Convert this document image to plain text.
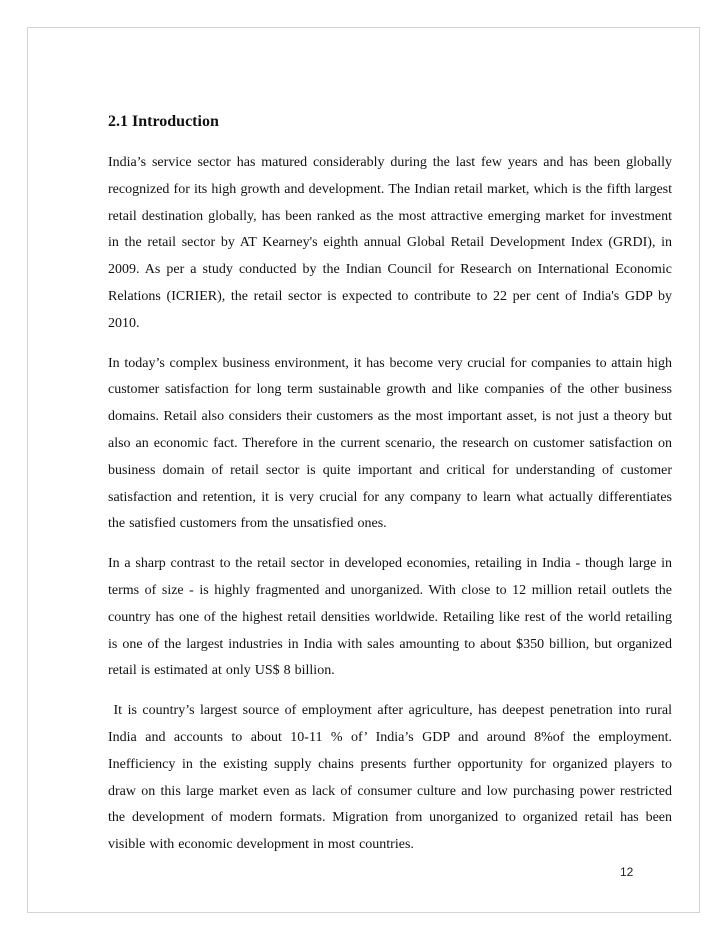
2.1 Introduction

India’s service sector has matured considerably during the last few years and has been globally recognized for its high growth and development. The Indian retail market, which is the fifth largest retail destination globally, has been ranked as the most attractive emerging market for investment in the retail sector by AT Kearney's eighth annual Global Retail Development Index (GRDI), in 2009. As per a study conducted by the Indian Council for Research on International Economic Relations (ICRIER), the retail sector is expected to contribute to 22 per cent of India's GDP by 2010.

In today’s complex business environment, it has become very crucial for companies to attain high customer satisfaction for long term sustainable growth and like companies of the other business domains. Retail also considers their customers as the most important asset, is not just a theory but also an economic fact. Therefore in the current scenario, the research on customer satisfaction on business domain of retail sector is quite important and critical for understanding of customer satisfaction and retention, it is very crucial for any company to learn what actually differentiates the satisfied customers from the unsatisfied ones.

In a sharp contrast to the retail sector in developed economies, retailing in India - though large in terms of size - is highly fragmented and unorganized. With close to 12 million retail outlets the country has one of the highest retail densities worldwide. Retailing like rest of the world retailing is one of the largest industries in India with sales amounting to about $350 billion, but organized retail is estimated at only US$ 8 billion.

It is country’s largest source of employment after agriculture, has deepest penetration into rural India and accounts to about 10-11 % of’ India’s GDP and around 8%of the employment. Inefficiency in the existing supply chains presents further opportunity for organized players to draw on this large market even as lack of consumer culture and low purchasing power restricted the development of modern formats. Migration from unorganized to organized retail has been visible with economic development in most countries.

12
